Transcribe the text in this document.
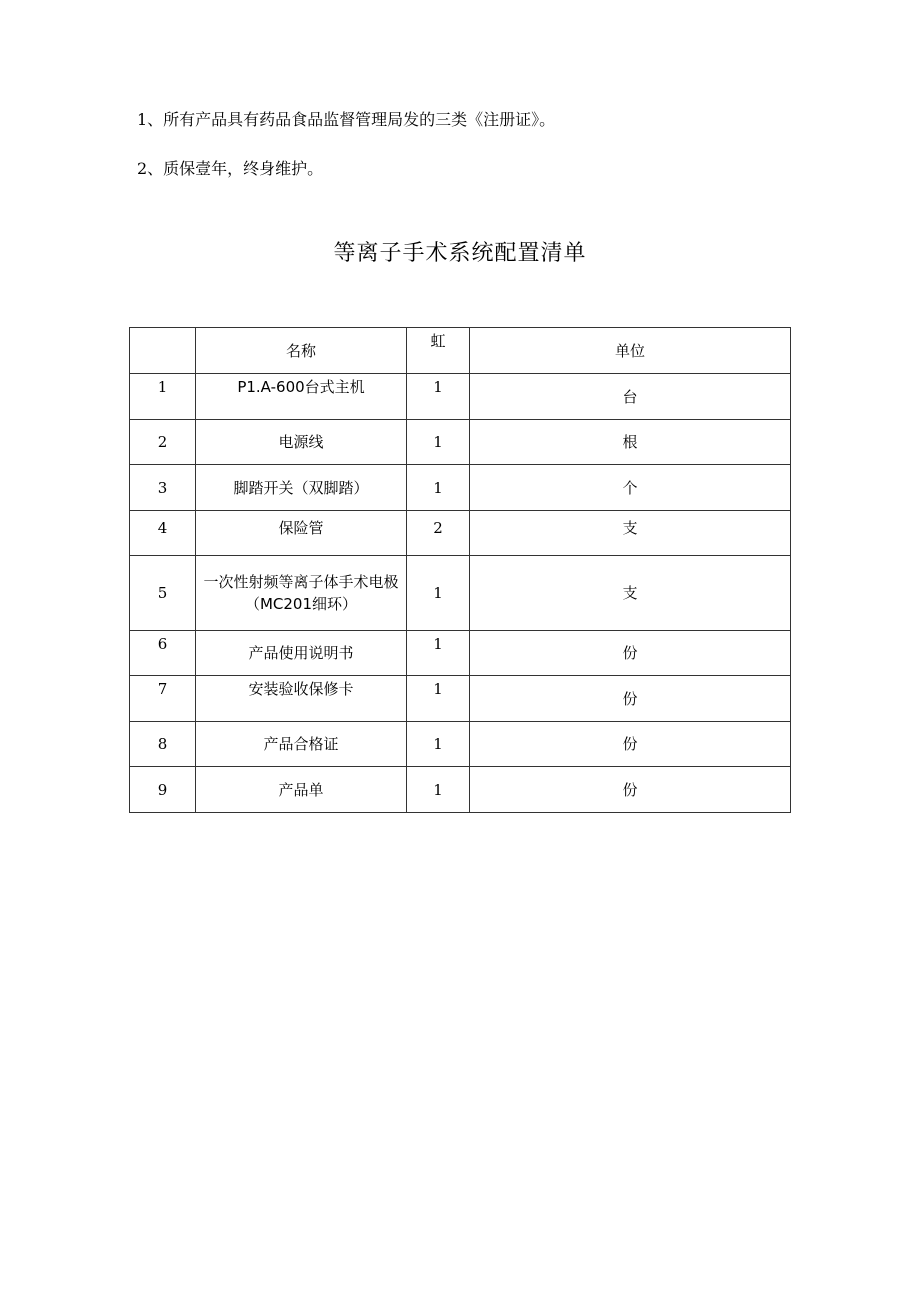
1、所有产品具有药品食品监督管理局发的三类《注册证》。
2、质保壹年，终身维护。
等离子手术系统配置清单
	名称	虹	单位
1	P1.A-600台式主机	1	台
2	电源线	1	根
3	脚踏开关（双脚踏）	1	个
4	保险管	2	支
5	一次性射频等离子体手术电极（MC201细环）	1	支
6	产品使用说明书	1	份
7	安装验收保修卡	1	份
8	产品合格证	1	份
9	产品单	1	份
